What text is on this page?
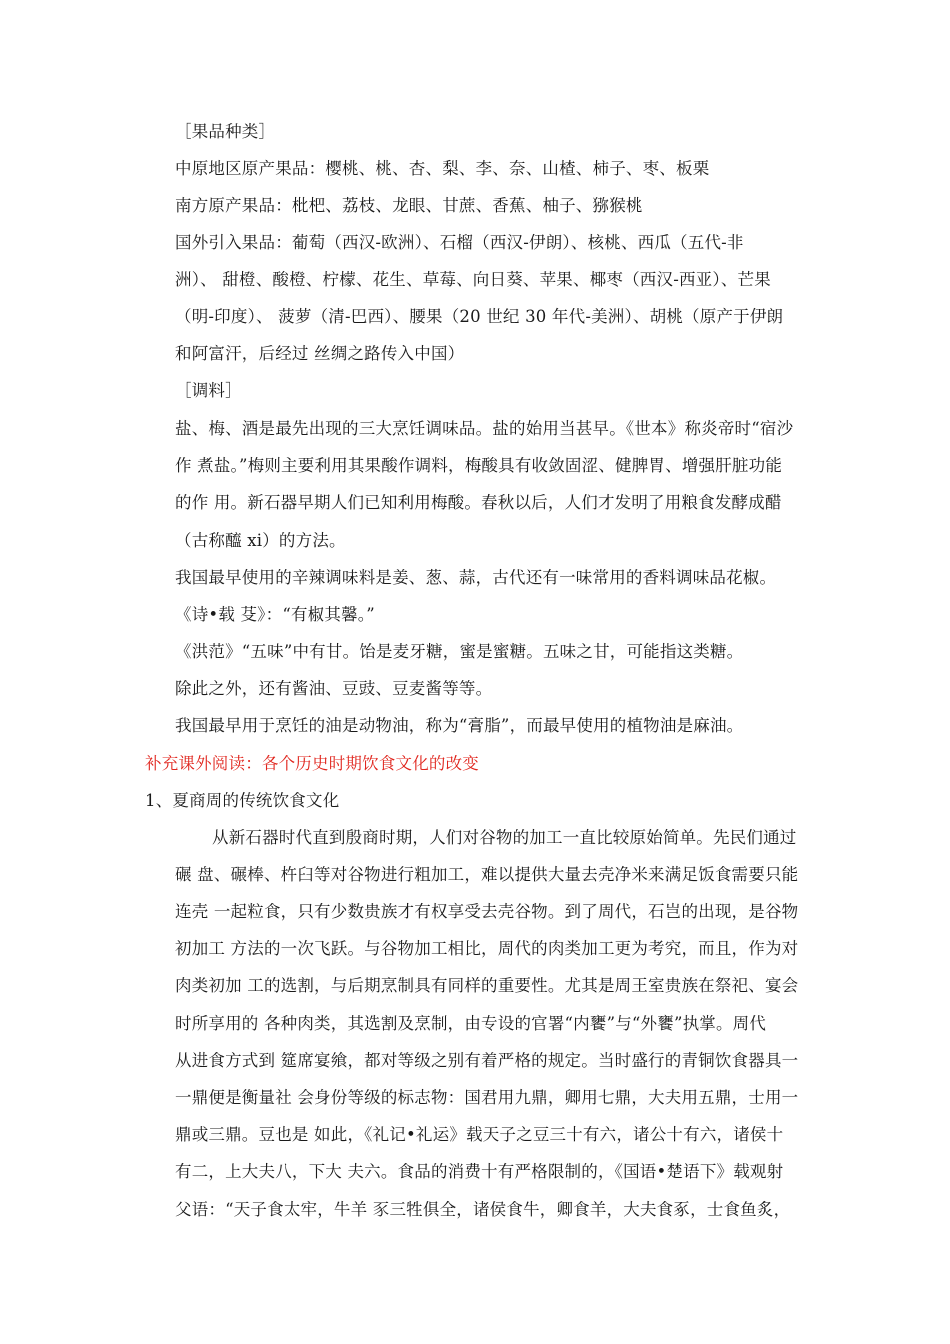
［果品种类］
中原地区原产果品：樱桃、桃、杏、梨、李、奈、山楂、柿子、枣、板栗
南方原产果品：枇杷、荔枝、龙眼、甘蔗、香蕉、柚子、猕猴桃
国外引入果品：葡萄（西汉-欧洲）、石榴（西汉-伊朗）、核桃、西瓜（五代-非
洲）、 甜橙、酸橙、柠檬、花生、草莓、向日葵、苹果、椰枣（西汉-西亚）、芒果
（明-印度）、 菠萝（清-巴西）、腰果（20 世纪 30 年代-美洲）、胡桃（原产于伊朗
和阿富汗，后经过 丝绸之路传入中国）
［调料］
盐、梅、酒是最先出现的三大烹饪调味品。盐的始用当甚早。《世本》称炎帝时“宿沙
作 煮盐。”梅则主要利用其果酸作调料，梅酸具有收敛固涩、健脾胃、增强肝脏功能
的作 用。新石器早期人们已知利用梅酸。春秋以后，人们才发明了用粮食发酵成醋
（古称醯 xi）的方法。
我国最早使用的辛辣调味料是姜、葱、蒜，古代还有一味常用的香料调味品花椒。
《诗•载 芟》：“有椒其馨。”
《洪范》“五味”中有甘。饴是麦牙糖，蜜是蜜糖。五味之甘，可能指这类糖。
除此之外，还有酱油、豆豉、豆麦酱等等。
我国最早用于烹饪的油是动物油，称为“膏脂”，而最早使用的植物油是麻油。
补充课外阅读：各个历史时期饮食文化的改变
1、夏商周的传统饮食文化
从新石器时代直到殷商时期，人们对谷物的加工一直比较原始简单。先民们通过
碾 盘、碾棒、杵臼等对谷物进行粗加工，难以提供大量去壳净米来满足饭食需要只能
连壳 一起粒食，只有少数贵族才有权享受去壳谷物。到了周代，石岂的出现，是谷物
初加工 方法的一次飞跃。与谷物加工相比，周代的肉类加工更为考究，而且，作为对
肉类初加 工的选割，与后期烹制具有同样的重要性。尤其是周王室贵族在祭祀、宴会
时所享用的 各种肉类，其选割及烹制，由专设的官署“内饔”与“外饔”执掌。周代
从进食方式到 筵席宴飨，都对等级之别有着严格的规定。当时盛行的青铜饮食器具一
一鼎便是衡量社 会身份等级的标志物：国君用九鼎，卿用七鼎，大夫用五鼎，士用一
鼎或三鼎。豆也是 如此，《礼记•礼运》载天子之豆三十有六，诸公十有六，诸侯十
有二，上大夫八，下大 夫六。食品的消费十有严格限制的，《国语•楚语下》载观射
父语：“天子食太牢，牛羊 豕三牲俱全，诸侯食牛，卿食羊，大夫食豖，士食鱼炙，
